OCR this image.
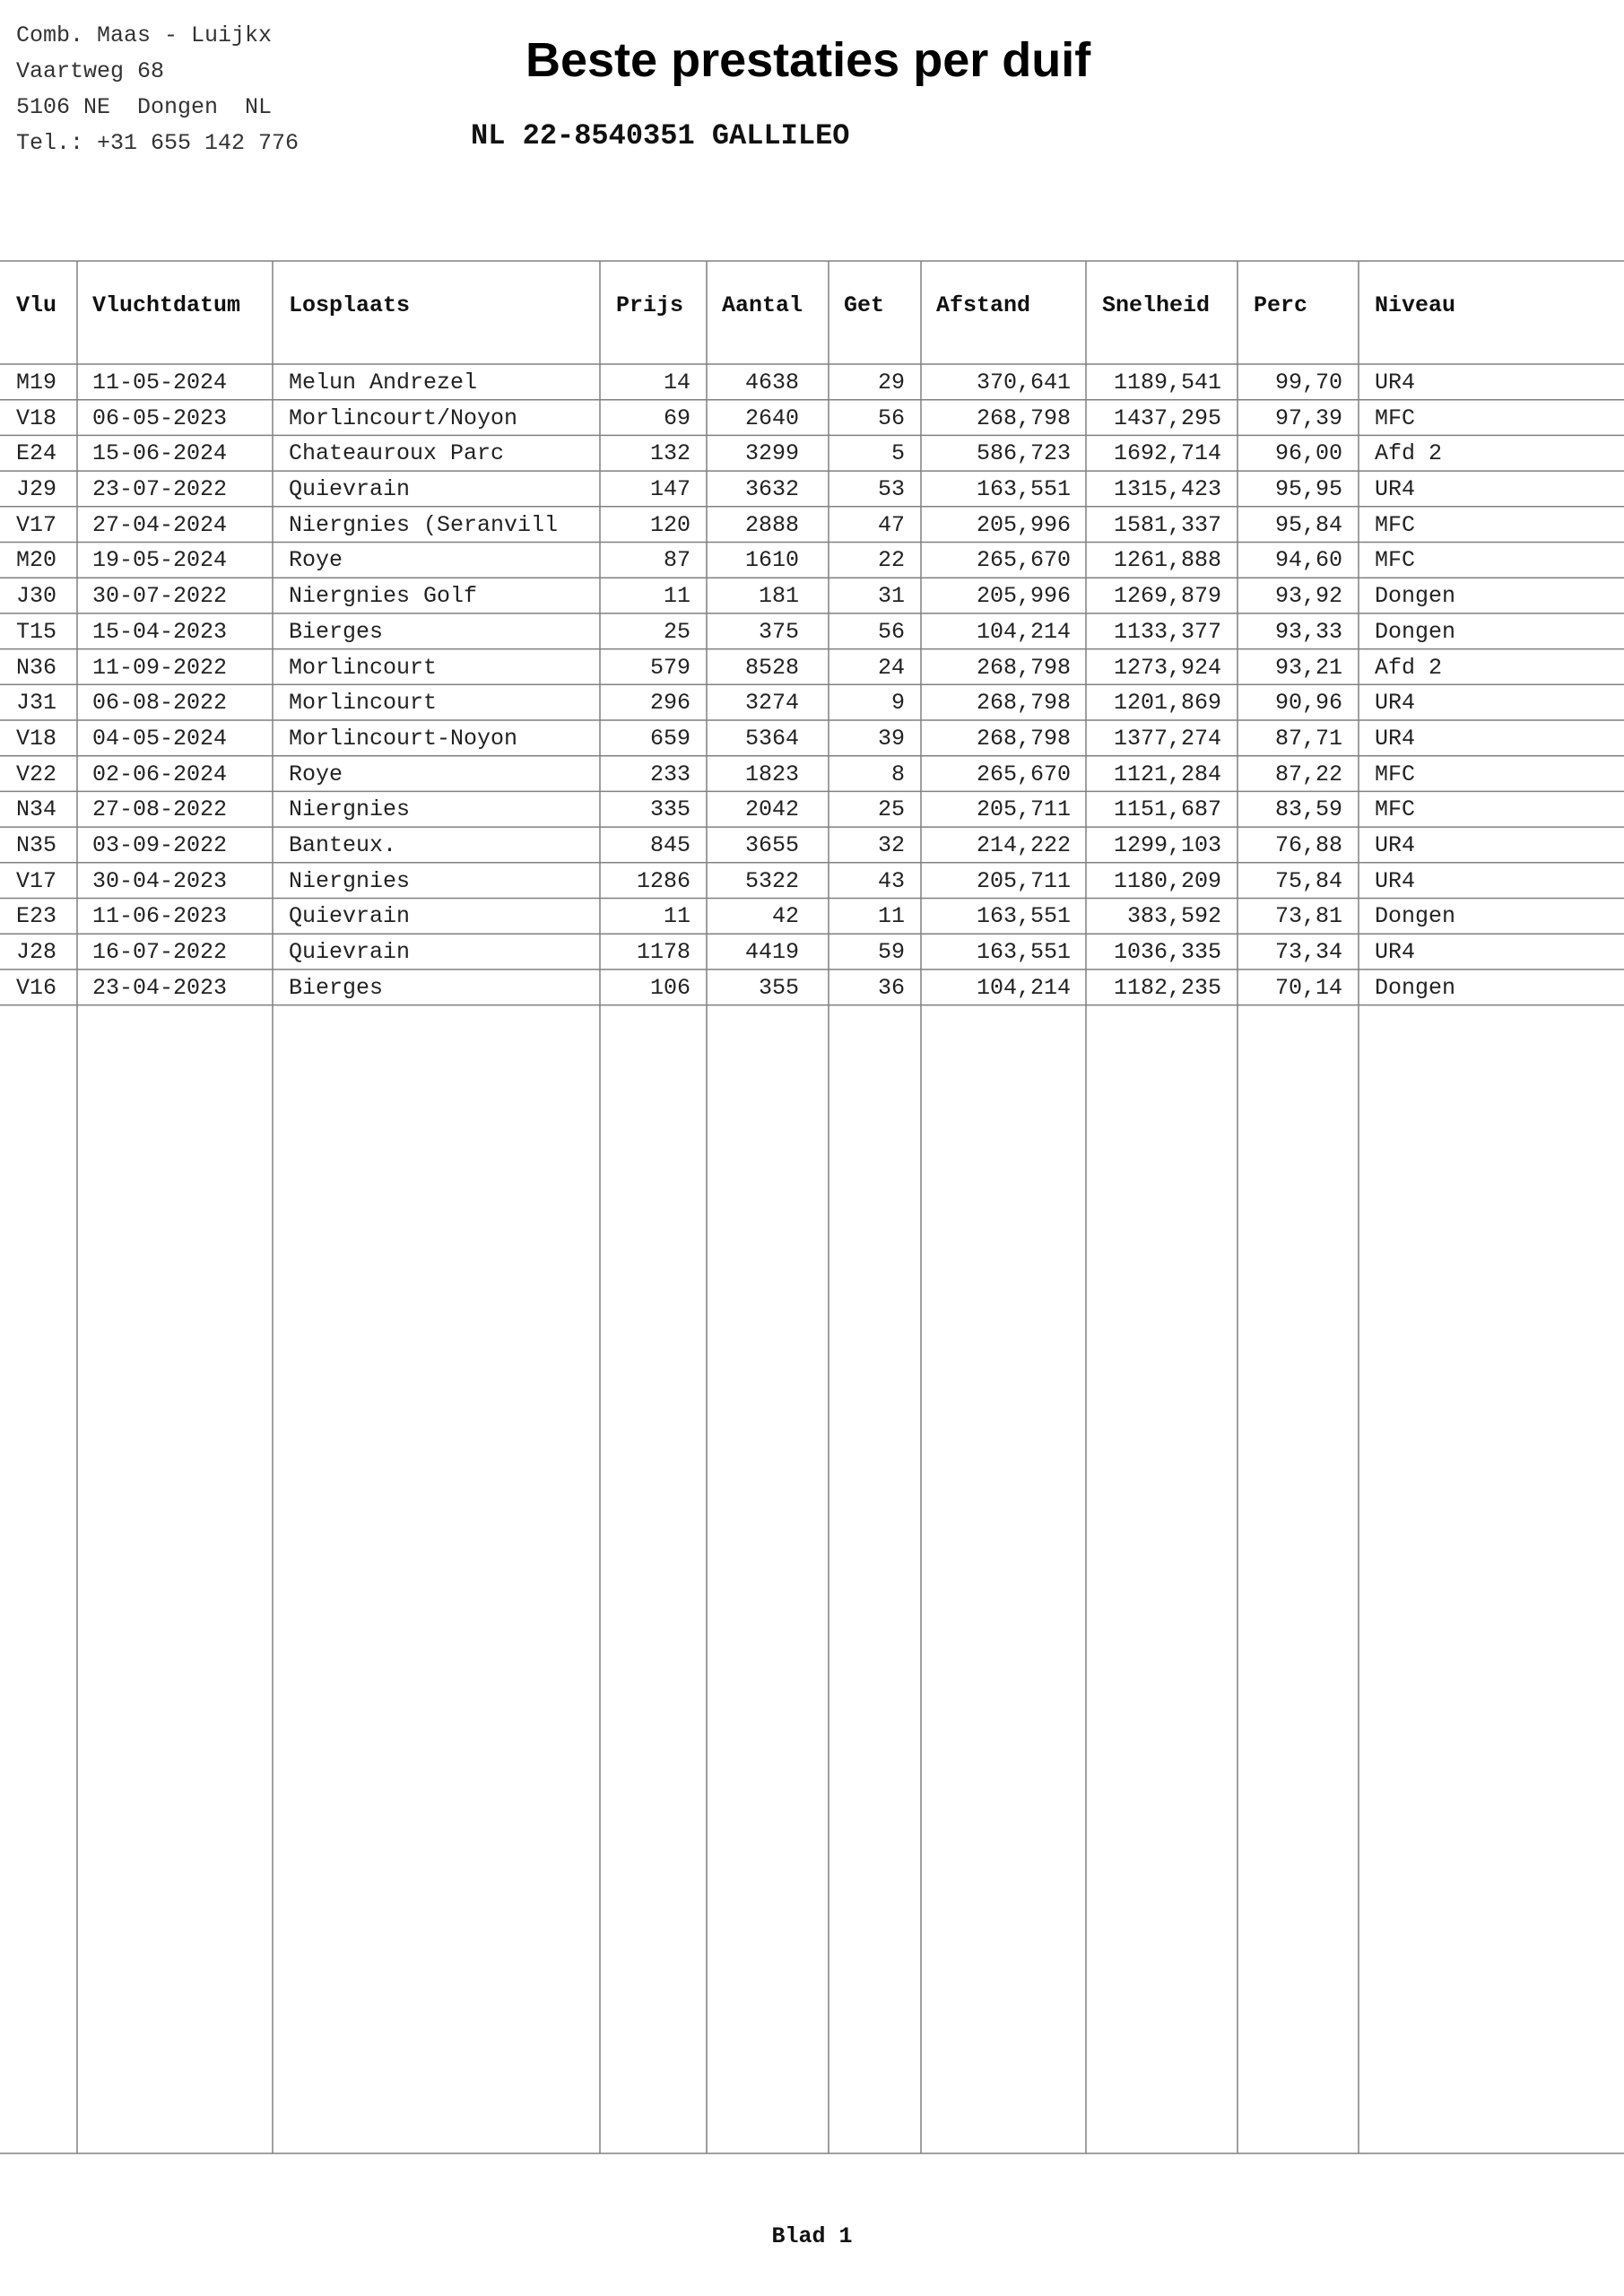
Comb. Maas - Luijkx
Vaartweg 68
5106 NE  Dongen  NL
Tel.: +31 655 142 776
Beste prestaties per duif
NL 22-8540351 GALLILEO
Vlu Vluchtdatum Losplaats	Prijs Aantal Get Afstand	Snelheid Perc	Niveau
M19	11-05-2024	Melun Andrezel	14	4638	29	370,641	1189,541	99,70 UR4
V18	06-05-2023	Morlincourt/Noyon	69	2640	56	268,798	1437,295	97,39 MFC
E24	15-06-2024	Chateauroux Parc	132	3299	5	586,723	1692,714	96,00 Afd 2
J29	23-07-2022	Quievrain	147	3632	53	163,551	1315,423	95,95 UR4
V17	27-04-2024	Niergnies (Seranvill	120	2888	47	205,996	1581,337	95,84 MFC
M20	19-05-2024	Roye	87	1610	22	265,670	1261,888	94,60 MFC
J30	30-07-2022	Niergnies Golf	11	181	31	205,996	1269,879	93,92 Dongen
T15	15-04-2023	Bierges	25	375	56	104,214	1133,377	93,33 Dongen
N36	11-09-2022	Morlincourt	579	8528	24	268,798	1273,924	93,21 Afd 2
J31	06-08-2022	Morlincourt	296	3274	9	268,798	1201,869	90,96 UR4
V18	04-05-2024	Morlincourt-Noyon	659	5364	39	268,798	1377,274	87,71 UR4
V22	02-06-2024	Roye	233	1823	8	265,670	1121,284	87,22 MFC
N34	27-08-2022	Niergnies	335	2042	25	205,711	1151,687	83,59 MFC
N35	03-09-2022	Banteux.	845	3655	32	214,222	1299,103	76,88 UR4
V17	30-04-2023	Niergnies	1286	5322	43	205,711	1180,209	75,84 UR4
E23	11-06-2023	Quievrain	11	42	11	163,551	383,592	73,81 Dongen
J28	16-07-2022	Quievrain	1178	4419	59	163,551	1036,335	73,34 UR4
V16	23-04-2023	Bierges	106	355	36	104,214	1182,235	70,14 Dongen
Blad 1
